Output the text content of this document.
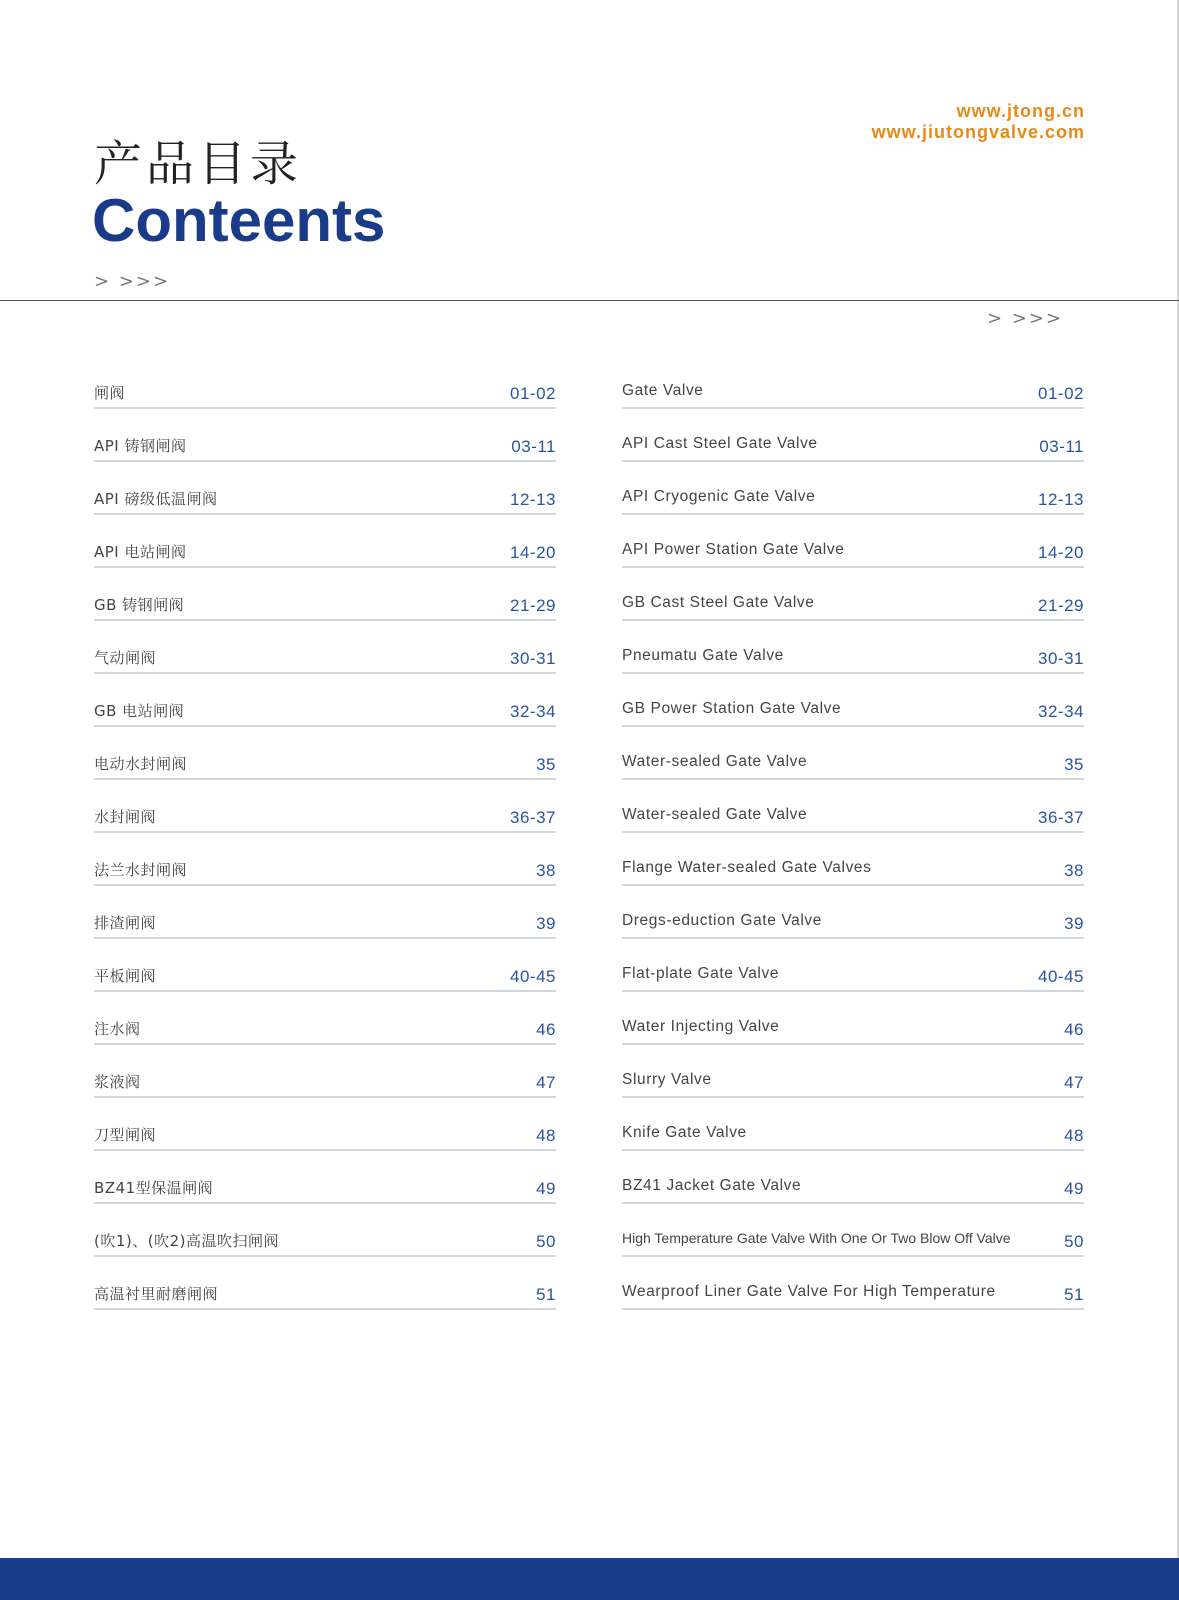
www.jtong.cn
www.jiutongvalve.com
产品目录
Conteents
> >>>
> >>>
闸阀	01-02
API 铸钢闸阀	03-11
API 磅级低温闸阀	12-13
API 电站闸阀	14-20
GB 铸钢闸阀	21-29
气动闸阀	30-31
GB 电站闸阀	32-34
电动水封闸阀	35
水封闸阀	36-37
法兰水封闸阀	38
排渣闸阀	39
平板闸阀	40-45
注水阀	46
浆液阀	47
刀型闸阀	48
BZ41型保温闸阀	49
(吹1)、(吹2)高温吹扫闸阀	50
高温衬里耐磨闸阀	51
Gate Valve	01-02
API Cast Steel Gate Valve	03-11
API Cryogenic Gate Valve	12-13
API Power Station Gate Valve	14-20
GB Cast Steel Gate Valve	21-29
Pneumatu Gate Valve	30-31
GB Power Station Gate Valve	32-34
Water-sealed Gate Valve	35
Water-sealed Gate Valve	36-37
Flange Water-sealed Gate Valves	38
Dregs-eduction Gate Valve	39
Flat-plate Gate Valve	40-45
Water Injecting Valve	46
Slurry Valve	47
Knife Gate Valve	48
BZ41 Jacket Gate Valve	49
High Temperature Gate Valve With One Or Two Blow Off Valve	50
Wearproof Liner Gate Valve For High Temperature	51
